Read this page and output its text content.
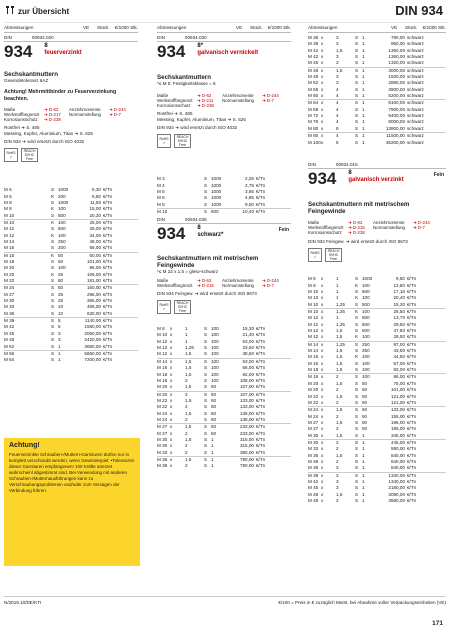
zur Übersicht	DIN 934
Abmessungen	VE	Stück	€/1000 Stk.
DIN	00934.020
934 8
feuerverzinkt
Sechskantmuttern
Gewindetoleranz 6AZ
Achtung! Mehrmittbinder zu Feuerverzinkung beachten.
Maße	➜ D-62	Anziehmomente	➜ D-244
Werkstoffbegrenzt	➜ D-217	Normumstellung	➜ D-7
Korrosionsschutz	➜ D-238
Rostfrei ➜ S. 485
Messing, Kupfer, Aluminium, Titan ➜ S. 626
DIN 934 ➜ wird ersetzt durch ISO 4032
RoHS
✓
REACH SVHC Free
M 6	S 1000	6,30 €/Tn
M 6	K 200	9,60 €/Tn
M 8	S 1000	11,50 €/Tn
M 8	K 100	15,00 €/Tn
M 10	S 500	20,30 €/Tn
M 10	K 100	26,00 €/Tn
M 12	S 500	28,00 €/Tn
M 12	K 100	34,00 €/Tn
M 14	S 250	48,00 €/Tn
M 16	S 200	56,00 €/Tn
M 16	K 50	60,00 €/Tn
M 18	S 50	101,00 €/Tn
M 20	S 100	96,00 €/Tn
M 20	K 25	106,00 €/Tn
M 22	S 50	181,00 €/Tn
M 24	S 50	160,00 €/Tn
M 27	S 25	295,00 €/Tn
M 30	S 25	365,00 €/Tn
M 33	S 10	465,00 €/Tn
M 36	S 10	630,00 €/Tn
M 39	S 5	1140,00 €/Tn
M 42	S 5	1580,00 €/Tn
M 45	S 3	2050,00 €/Tn
M 48	S 3	2420,00 €/Tn
M 52	S 1	3650,00 €/Tn
M 56	S 1	5660,00 €/Tn
M 64	S 1	7200,00 €/Tn
Achtung!
Feuerverzinkte Schrauben-/Muttern-Garnituren dürfen nur in komplett verschraubt werden, wenn Gewindespiel: •Toleranzen dieser Garnituren empfangenen! 100 Kräfte anerzet wahrscheinl abgestimmt sind. Bei Verwendung mit anderen Schrauben-/Mutternausführungen kann zu Verschraubungsproblemen und/oder zum Versagen der Verbindung führen.
Abmessungen	VE	Stück.	€/1000 Stk.
DIN	00934.030
934 8*
galvanisch vernickelt
Sechskantmuttern
*≤ M 5: Festigkeitsklasse = 8
Maße	➜ D-62	Anziehmomente	➜ D-244
Werkstoffbegrenzt	➜ D-211	Normumstellung	➜ D-7
Korrosionsschutz	➜ D-238
Rostfrei ➜ S. 485
Messing, Kupfer, Aluminium, Titan ➜ S. 626
DIN 934 ➜ wird ersetzt durch ISO 4032
RoHS
✓
REACH SVHC Free
M 3	S 1000	2,25 €/Tn
M 4	S 1000	2,75 €/Tn
M 5	S 1000	3,65 €/Tn
M 6	S 1000	4,85 €/Tn
M 8	S 1000	9,50 €/Tn
M 10	S 500	10,40 €/Tn
DIN	00934.035
934 8
schwarz*
Fein
Sechskantmuttern mit metrischem Feingewinde
*≤ M 22 x 1,5 = gleiw-schwarz
Maße	➜ D-62	Anziehmomente	➜ D-244
Werkstoffbegrenzt	➜ D-215	Normumstellung	➜ D-7
DIN 934 Feingew. ➜ wird ersetzt durch ISO 8673
RoHS
✓
REACH SVHC Free
M 8	x	1	S 100	15,30 €/Tn
M 10 x	1	S 100	21,40 €/Tn
M 12 x	1	S 100	63,00 €/Tn
M 12 x	1,25 S 100	33,50 €/Tn
M 12 x	1,5	S 100	38,50 €/Tn
M 14 x	1,5	S 100	53,00 €/Tn
M 16 x	1,5	S 100	66,00 €/Tn
M 18 x	1,5	S 100	92,00 €/Tn
M 18 x	2	S 100	108,00 €/Tn
M 20 x	1,5	S 50	107,00 €/Tn
M 20 x	2	S 50	107,00 €/Tn
M 22 x	1,5	S 50	133,00 €/Tn
M 22 x	2	S 50	133,00 €/Tn
M 24 x	1,5	S 50	136,00 €/Tn
M 24 x	2	S 50	136,00 €/Tn
M 27 x	1,5	S 50	233,00 €/Tn
M 27 x	2	S 50	233,00 €/Tn
M 30 x	1,5	S 1	315,00 €/Tn
M 30 x	2	S 1	315,00 €/Tn
M 33 x	2	S 1	380,00 €/Tn
M 36 x	1,5	S 1	790,00 €/Tn
M 36 x	2	S 1	790,00 €/Tn
Abmessungen	VE	Stück	€/1000 Stk.
M 36 x	3	S 1	790,00 schwarz
M 39 x	3	S 1	950,00 schwarz
M 42 x	1,5	S 1	1360,00 schwarz
M 42 x	3	S 1	1360,00 schwarz
M 45 x	3	S 1	1320,00 schwarz
M 48 x	1,5	S 1	3000,00 schwarz
M 48 x	3	S 1	1820,00 schwarz
M 52 x	3	S 1	2850,00 schwarz
M 56 x	4	S 1	3900,00 schwarz
M 60 x	4	S 1	5200,00 schwarz
M 64 x	4	S 1	6100,00 schwarz
M 68 x	4	S 1	7900,00 schwarz
M 72 x	4	S 1	9400,00 schwarz
M 76 x	4	S 1	8000,00 schwarz
M 80 x	6	S 1	13800,00 schwarz
M 80 x	4	S 1	11500,00 schwarz
M 100 x	6	S 1	35200,00 schwarz
DIN	00934.015
934 8
galvanisch verzinkt
Fein
Sechskantmuttern mit metrischem Feingewinde
Maße	➜ D-62	Anziehmomente	➜ D-244
Werkstoffbegrenzt	➜ D-215	Normumstellung	➜ D-7
Korrosionsschutz	➜ D-238
DIN 934 Feingew. ➜ wird ersetzt durch ISO 8673
RoHS
✓
REACH SVHC Free
M 8	x	1	S 1000	9,50 €/Tn
M 8	x	1	K 100	12,80 €/Tn
M 10 x	1	S 500	17,10 €/Tn
M 10 x	1	K 100	20,40 €/Tn
M 10 x	1,25 S 500	15,20 €/Tn
M 10 x	1,25 K 100	25,50 €/Tn
M 12 x	1	S 500	13,70 €/Tn
M 12 x	1,25 S 500	29,50 €/Tn
M 12 x	1,5	S 500	47,60 €/Tn
M 12 x	1,5	K 100	26,50 €/Tn
M 14 x	1,25 S 250	97,00 €/Tn
M 14 x	1,5	S 250	43,50 €/Tn
M 16 x	1,5	K 100	44,50 €/Tn
M 16 x	1,5	S 100	57,00 €/Tn
M 18 x	1,5	S 100	83,00 €/Tn
M 18 x	2	S 100	86,00 €/Tn
M 20 x	1,5	S 50	75,00 €/Tn
M 20 x	2	S 50	101,00 €/Tn
M 22 x	1,5	S 50	121,00 €/Tn
M 22 x	2	S 50	121,00 €/Tn
M 24 x	1,5	S 50	133,00 €/Tn
M 24 x	2	S 50	155,00 €/Tn
M 27 x	1,5	S 50	195,00 €/Tn
M 27 x	2	S 50	185,00 €/Tn
M 30 x	1,5	S 1	345,00 €/Tn
M 30 x	2	S 1	445,00 €/Tn
M 33 x	2	S 1	590,00 €/Tn
M 36 x	1,5	S 1	845,00 €/Tn
M 36 x	2	S 1	840,00 €/Tn
M 36 x	3	S 1	840,00 €/Tn
M 39 x	3	S 1	1340,00 €/Tn
M 42 x	3	S 1	1340,00 €/Tn
M 45 x	3	S 1	2180,00 €/Tn
M 48 x	1,5	S 1	3090,00 €/Tn
M 48 x	2	S 1	3660,00 €/Tn
N/2019.10/DE/KTI	€/100 = Preis in € zuzüglich MwSt. bei Abnahme voller Verpackungseinheiten (VE)
171
